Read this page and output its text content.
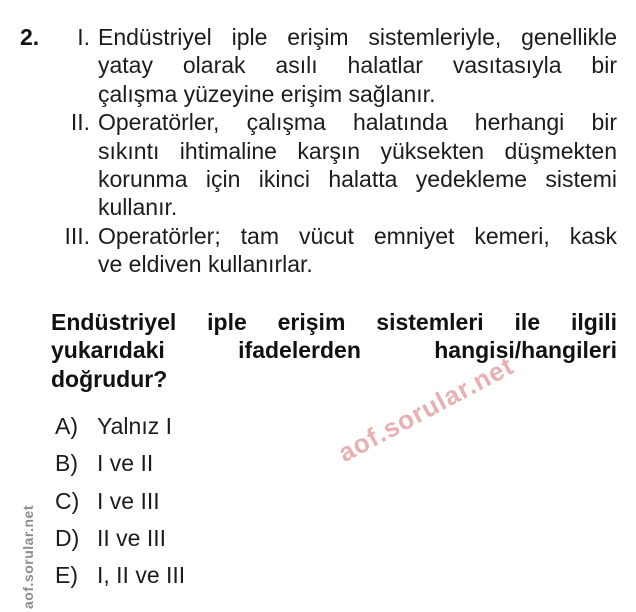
aof.sorular.net
aof.sorular.net
2.	I. Endüstriyel iple erişim sistemleriyle, genellikle
yatay olarak asılı halatlar vasıtasıyla bir
çalışma yüzeyine erişim sağlanır.
II. Operatörler, çalışma halatında herhangi bir
sıkıntı ihtimaline karşın yüksekten düşmekten
korunma için ikinci halatta yedekleme sistemi
kullanır.
III. Operatörler; tam vücut emniyet kemeri, kask
ve eldiven kullanırlar.
Endüstriyel iple erişim sistemleri ile ilgili
yukarıdaki ifadelerden hangisi/hangileri
doğrudur?
A) Yalnız I
B) I ve II
C) I ve III
D) II ve III
E) I, II ve III
